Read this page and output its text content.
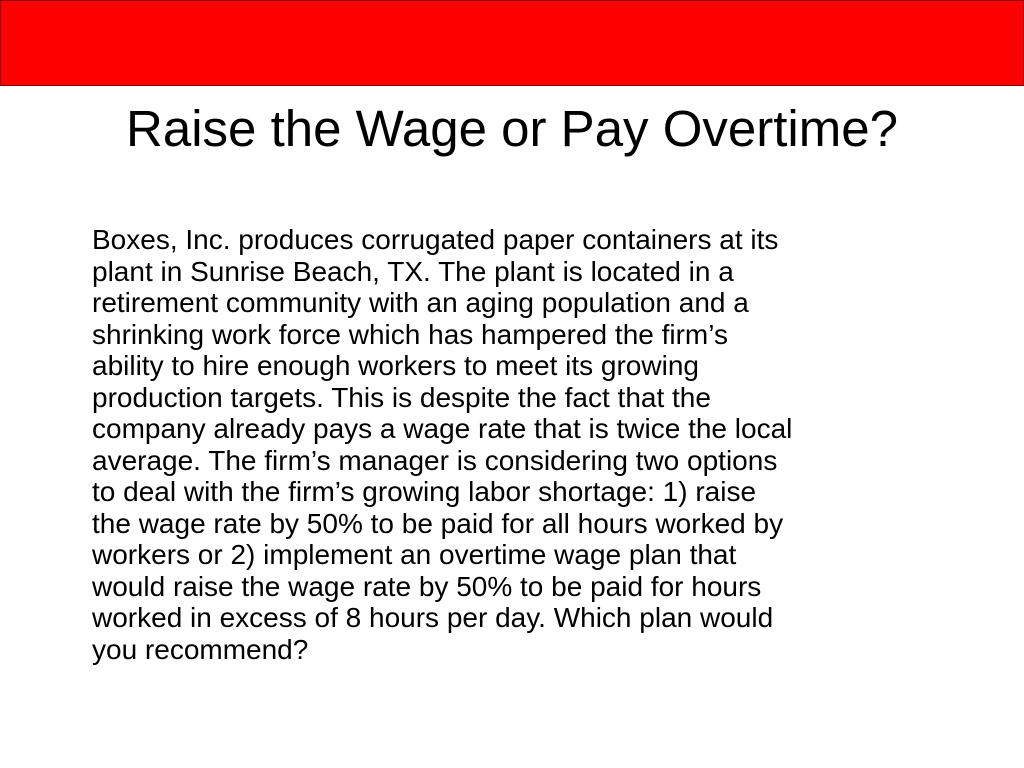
Raise the Wage or Pay Overtime?

Boxes, Inc. produces corrugated paper containers at its
plant in Sunrise Beach, TX. The plant is located in a
retirement community with an aging population and a
shrinking work force which has hampered the firm’s
ability to hire enough workers to meet its growing
production targets. This is despite the fact that the
company already pays a wage rate that is twice the local
average. The firm’s manager is considering two options
to deal with the firm’s growing labor shortage: 1) raise
the wage rate by 50% to be paid for all hours worked by
workers or 2) implement an overtime wage plan that
would raise the wage rate by 50% to be paid for hours
worked in excess of 8 hours per day. Which plan would
you recommend?
